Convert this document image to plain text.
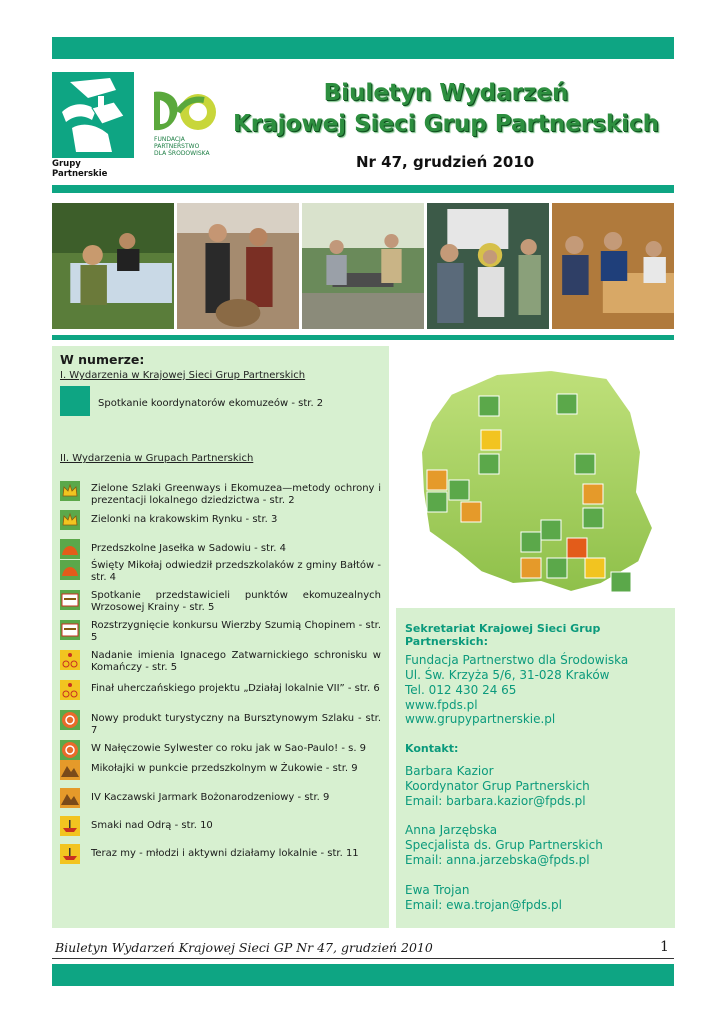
Grupy Partnerskie
FUNDACJA
PARTNERSTWO
DLA ŚRODOWISKA
Biuletyn Wydarzeń
Krajowej Sieci Grup Partnerskich
Nr 47, grudzień 2010
W numerze:
I. Wydarzenia w Krajowej Sieci Grup Partnerskich
Spotkanie koordynatorów ekomuzeów - str. 2
II. Wydarzenia w Grupach Partnerskich
Zielone Szlaki Greenways i Ekomuzea—metody ochrony i prezentacji lokalnego dziedzictwa - str. 2
Zielonki na krakowskim Rynku - str. 3
Przedszkolne Jasełka w Sadowiu - str. 4
Święty Mikołaj odwiedził przedszkolaków z gminy Bałtów - str. 4
Spotkanie przedstawicieli punktów ekomuzealnych Wrzosowej Krainy - str. 5
Rozstrzygnięcie konkursu Wierzby Szumią Chopinem - str. 5
Nadanie imienia Ignacego Zatwarnickiego schronisku w Komańczy - str. 5
Finał uherczańskiego projektu „Działaj lokalnie VII” - str. 6
Nowy produkt turystyczny na Bursztynowym Szlaku - str. 7
W Nałęczowie Sylwester co roku jak w Sao-Paulo! - s. 9
Mikołajki w punkcie przedszkolnym w Żukowie - str. 9
IV Kaczawski Jarmark Bożonarodzeniowy - str. 9
Smaki nad Odrą - str. 10
Teraz my - młodzi i aktywni działamy lokalnie - str. 11
Sekretariat Krajowej Sieci Grup Partnerskich:
Fundacja Partnerstwo dla Środowiska
Ul. Św. Krzyża 5/6, 31-028 Kraków
Tel. 012 430 24 65
www.fpds.pl
www.grupypartnerskie.pl
Kontakt:
Barbara Kazior
Koordynator Grup Partnerskich
Email: barbara.kazior@fpds.pl
Anna Jarzębska
Specjalista ds. Grup Partnerskich
Email: anna.jarzebska@fpds.pl
Ewa Trojan
Email: ewa.trojan@fpds.pl
Biuletyn Wydarzeń Krajowej Sieci GP Nr 47, grudzień 2010	1
